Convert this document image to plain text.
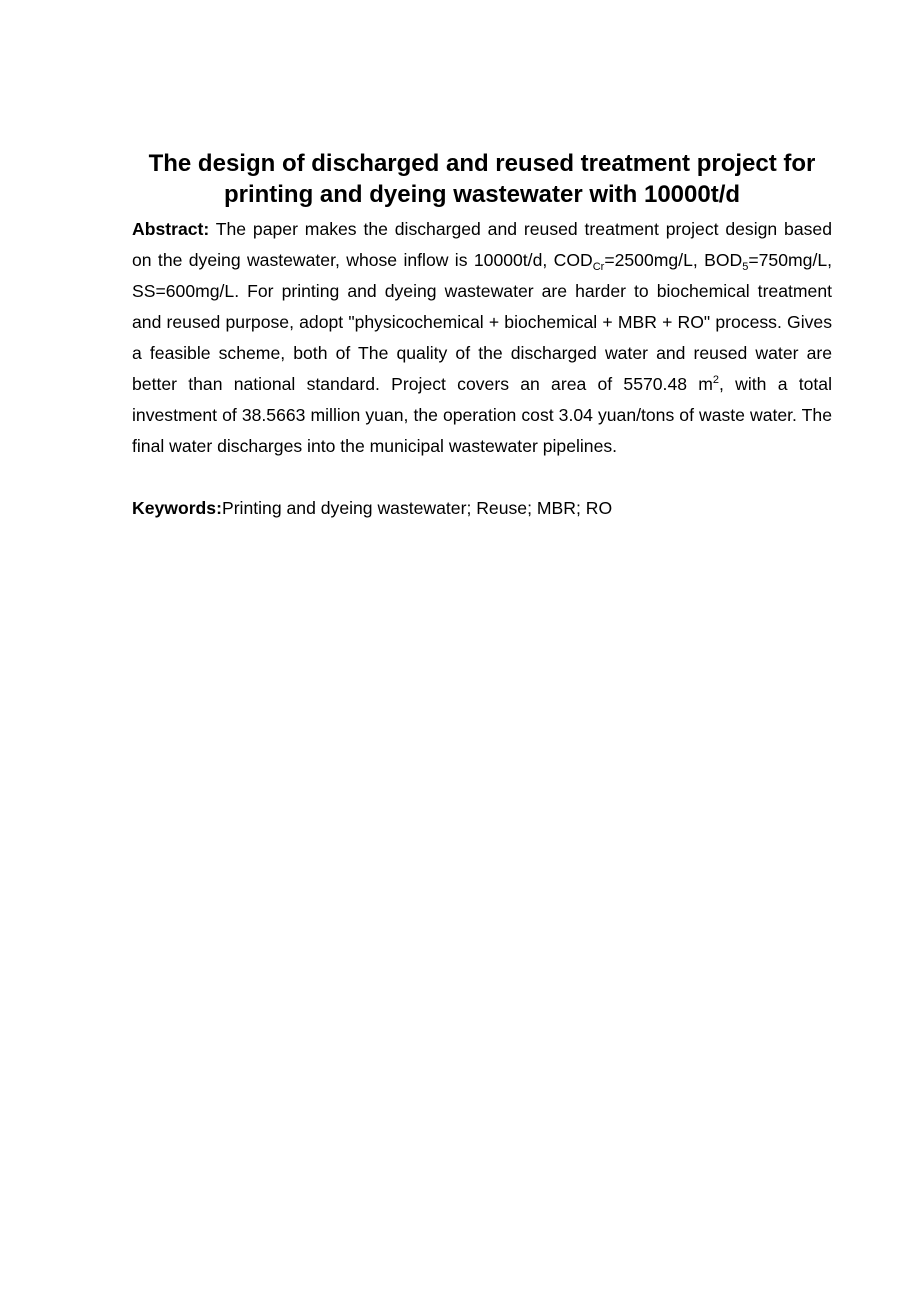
The design of discharged and reused treatment project for
printing and dyeing wastewater with 10000t/d

Abstract: The paper makes the discharged and reused treatment project design based on the dyeing wastewater, whose inflow is 10000t/d, $COD_{Cr}=2500mg/L$, $BOD_5=750mg/L$, SS=600mg/L. For printing and dyeing wastewater are harder to biochemical treatment and reused purpose, adopt "physicochemical + biochemical + MBR + RO" process. Gives a feasible scheme, both of The quality of the discharged water and reused water are better than national standard. Project covers an area of 5570.48 $m^2$, with a total investment of 38.5663 million yuan, the operation cost 3.04 yuan/tons of waste water. The final water discharges into the municipal wastewater pipelines.

Keywords:Printing and dyeing wastewater; Reuse; MBR; RO
